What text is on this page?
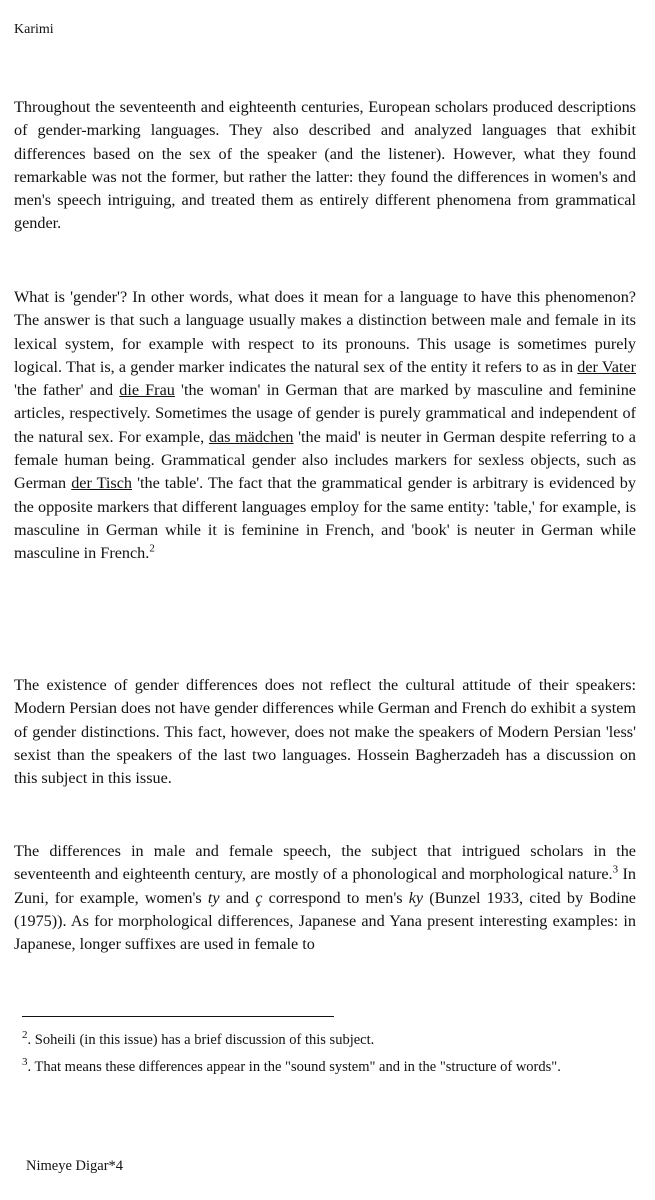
Karimi

Throughout the seventeenth and eighteenth centuries, European scholars produced descriptions of gender-marking languages. They also described and analyzed languages that exhibit differences based on the sex of the speaker (and the listener). However, what they found remarkable was not the former, but rather the latter: they found the differences in women's and men's speech intriguing, and treated them as entirely different phenomena from grammatical gender.

What is 'gender'? In other words, what does it mean for a language to have this phenomenon? The answer is that such a language usually makes a distinction between male and female in its lexical system, for example with respect to its pronouns. This usage is sometimes purely logical. That is, a gender marker indicates the natural sex of the entity it refers to as in der Vater 'the father' and die Frau 'the woman' in German that are marked by masculine and feminine articles, respectively. Sometimes the usage of gender is purely grammatical and independent of the natural sex. For example, das mädchen 'the maid' is neuter in German despite referring to a female human being. Grammatical gender also includes markers for sexless objects, such as German der Tisch 'the table'. The fact that the grammatical gender is arbitrary is evidenced by the opposite markers that different languages employ for the same entity: 'table,' for example, is masculine in German while it is feminine in French, and 'book' is neuter in German while masculine in French.$^2$

The existence of gender differences does not reflect the cultural attitude of their speakers: Modern Persian does not have gender differences while German and French do exhibit a system of gender distinctions. This fact, however, does not make the speakers of Modern Persian 'less' sexist than the speakers of the last two languages. Hossein Bagherzadeh has a discussion on this subject in this issue.

The differences in male and female speech, the subject that intrigued scholars in the seventeenth and eighteenth century, are mostly of a phonological and morphological nature.$^3$ In Zuni, for example, women's ty and ç correspond to men's ky (Bunzel 1933, cited by Bodine (1975)). As for morphological differences, Japanese and Yana present interesting examples: in Japanese, longer suffixes are used in female to

$^2$. Soheili (in this issue) has a brief discussion of this subject.

$^3$. That means these differences appear in the "sound system" and in the "structure of words".

Nimeye Digar*4
